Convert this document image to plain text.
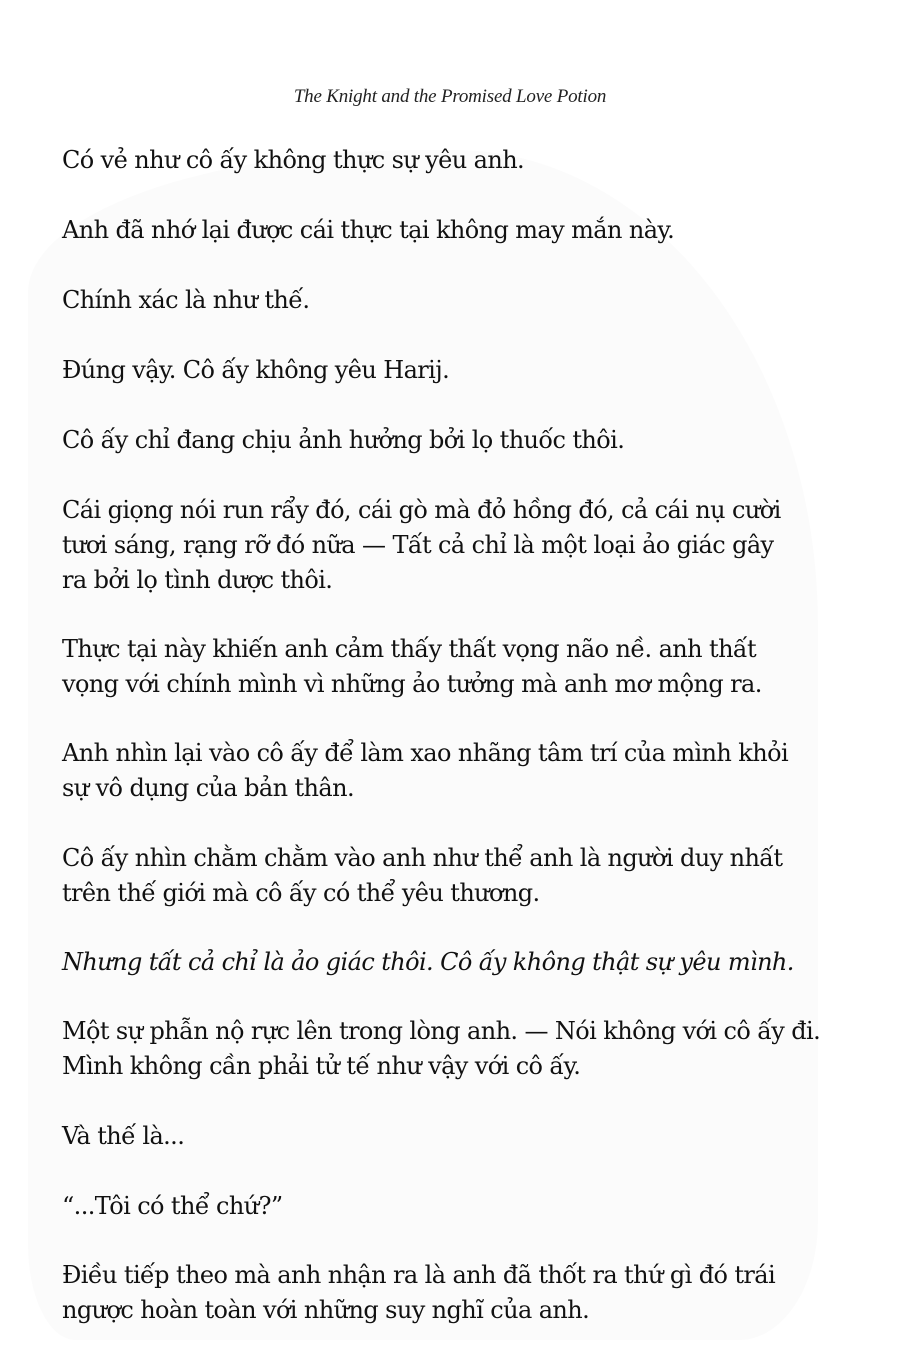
The Knight and the Promised Love Potion

Có vẻ như cô ấy không thực sự yêu anh.

Anh đã nhớ lại được cái thực tại không may mắn này.

Chính xác là như thế.

Đúng vậy. Cô ấy không yêu Harij.

Cô ấy chỉ đang chịu ảnh hưởng bởi lọ thuốc thôi.

Cái giọng nói run rẩy đó, cái gò mà đỏ hồng đó, cả cái nụ cười
tươi sáng, rạng rỡ đó nữa — Tất cả chỉ là một loại ảo giác gây
ra bởi lọ tình dược thôi.

Thực tại này khiến anh cảm thấy thất vọng não nề. anh thất
vọng với chính mình vì những ảo tưởng mà anh mơ mộng ra.

Anh nhìn lại vào cô ấy để làm xao nhãng tâm trí của mình khỏi
sự vô dụng của bản thân.

Cô ấy nhìn chằm chằm vào anh như thể anh là người duy nhất
trên thế giới mà cô ấy có thể yêu thương.

Nhưng tất cả chỉ là ảo giác thôi. Cô ấy không thật sự yêu mình.

Một sự phẫn nộ rực lên trong lòng anh. — Nói không với cô ấy đi.
Mình không cần phải tử tế như vậy với cô ấy.

Và thế là...

“...Tôi có thể chứ?”

Điều tiếp theo mà anh nhận ra là anh đã thốt ra thứ gì đó trái
ngược hoàn toàn với những suy nghĩ của anh.
